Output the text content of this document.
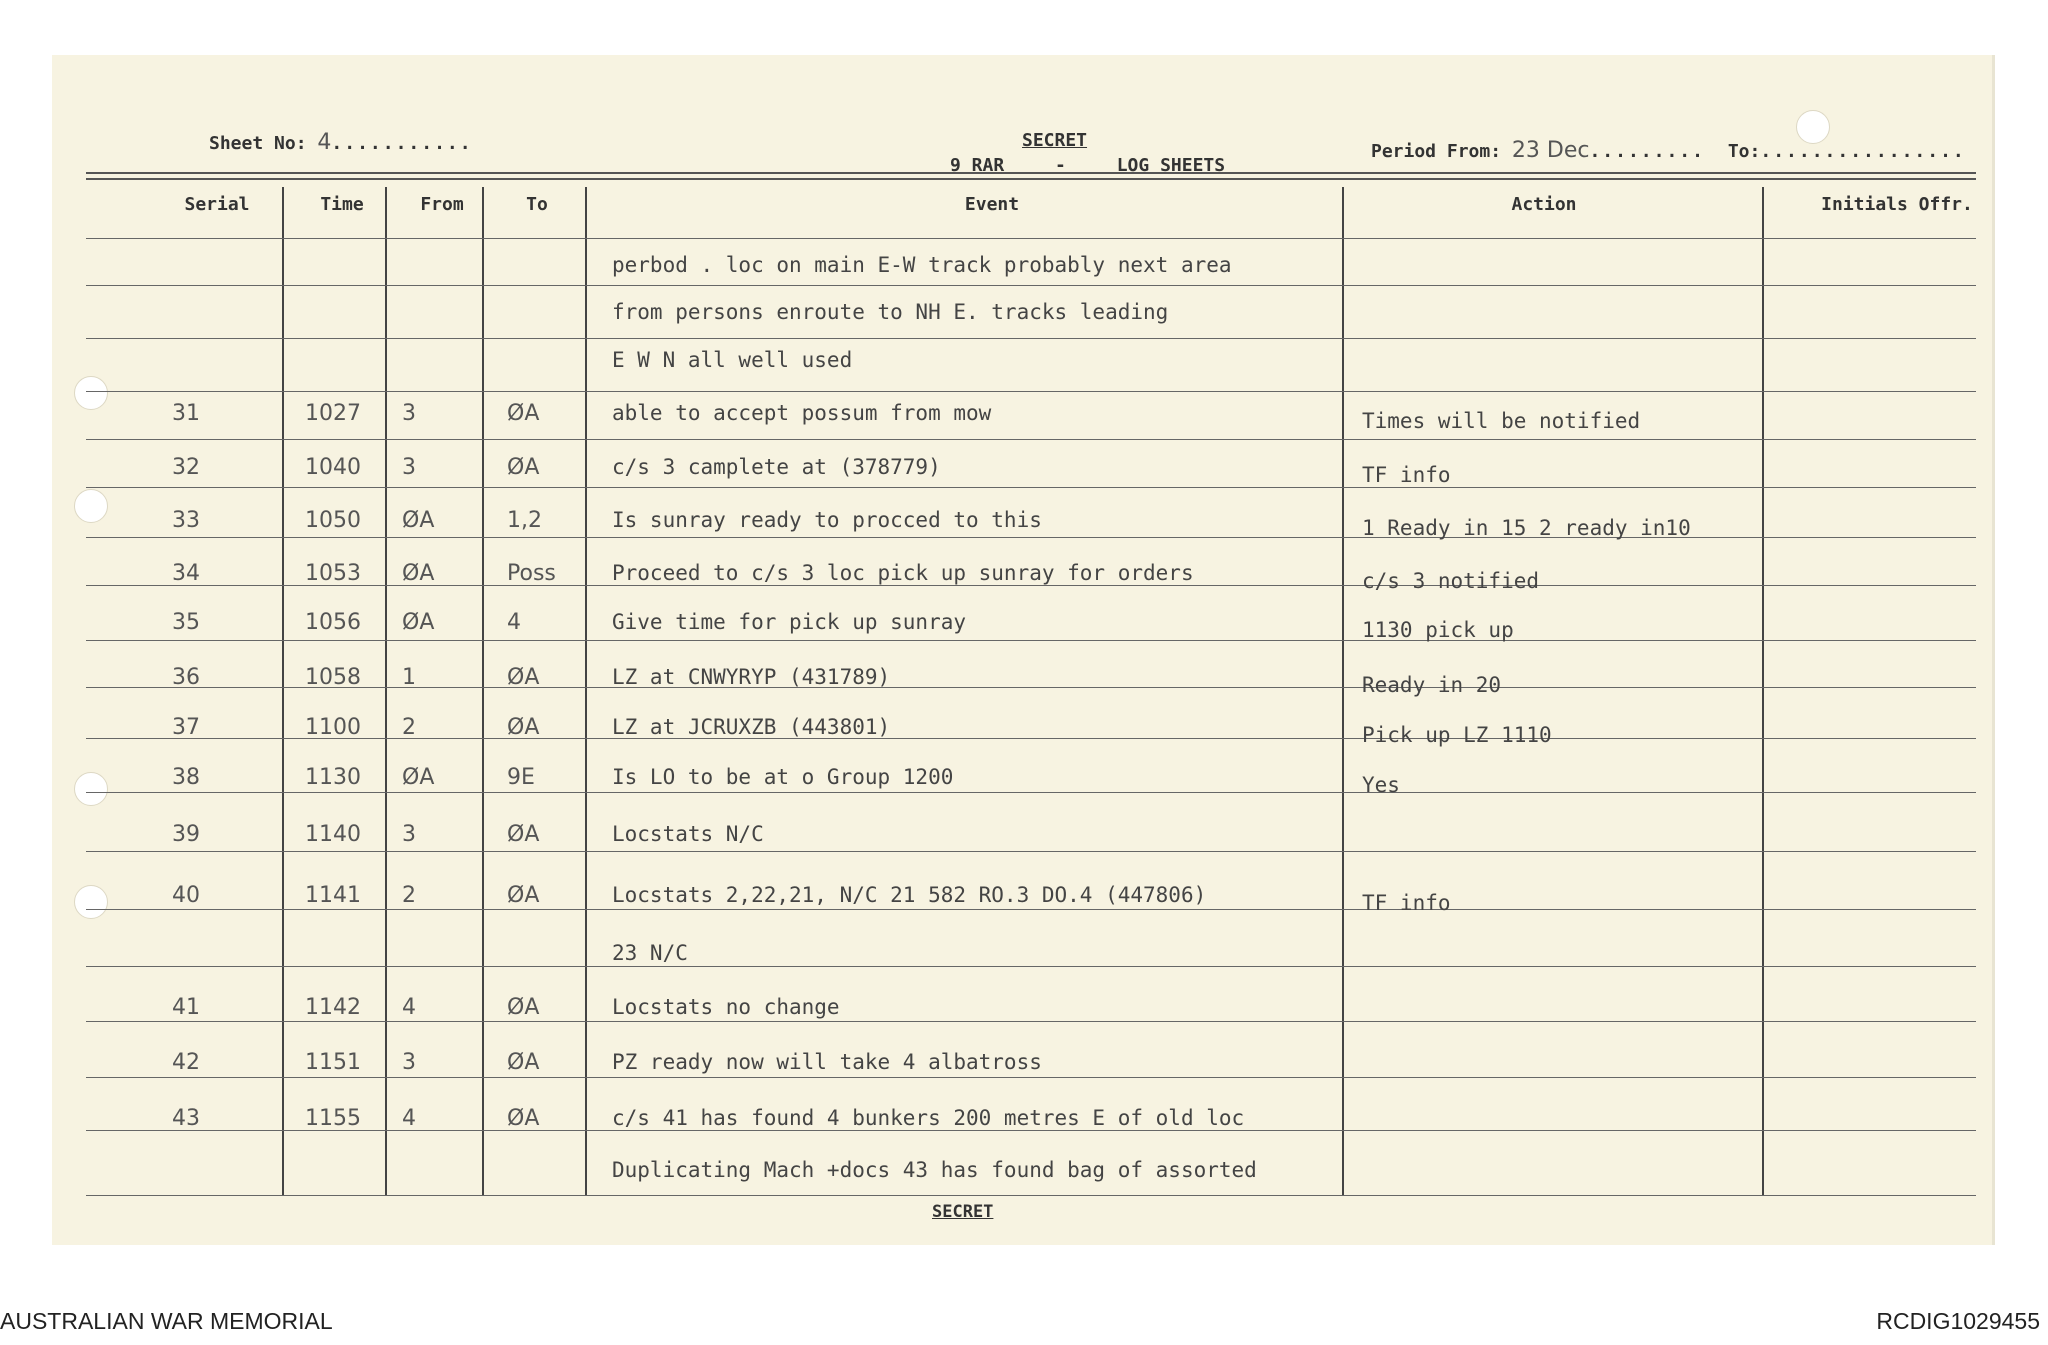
Sheet No: 4...........	SECRET
9 RAR	-	LOG SHEETS
Period From: 23 Dec......... To:................
Serial	Time	From	To	Event	Action	Initials Offr.
perbod . loc on main E-W track probably next area
from persons enroute to NH E. tracks leading
E W N all well used
31	1027 3	ØA	able to accept possum from mow	Times will be notified
32	1040 3	ØA	c/s 3 camplete at (378779)	TF info
33	1050 ØA	1,2	Is sunray ready to procced to this	1 Ready in 15 2 ready in10
34	1053 ØA	Poss	Proceed to c/s 3 loc pick up sunray for orders	c/s 3 notified
35	1056 ØA	4	Give time for pick up sunray	1130 pick up
36	1058 1	ØA	LZ at CNWYRYP (431789)	Ready in 20
37	1100 2	ØA	LZ at JCRUXZB (443801)	Pick up LZ 1110
38	1130 ØA	9E	Is LO to be at o Group 1200	Yes
39	1140 3	ØA	Locstats N/C
40	1141 2	ØA	Locstats 2,22,21, N/C 21 582 RO.3 DO.4 (447806)	TF info
23 N/C
41	1142 4	ØA	Locstats no change
42	1151 3	ØA	PZ ready now will take 4 albatross
43	1155 4	ØA	c/s 41 has found 4 bunkers 200 metres E of old loc
Duplicating Mach +docs 43 has found bag of assorted
SECRET
AUSTRALIAN WAR MEMORIAL	RCDIG1029455
